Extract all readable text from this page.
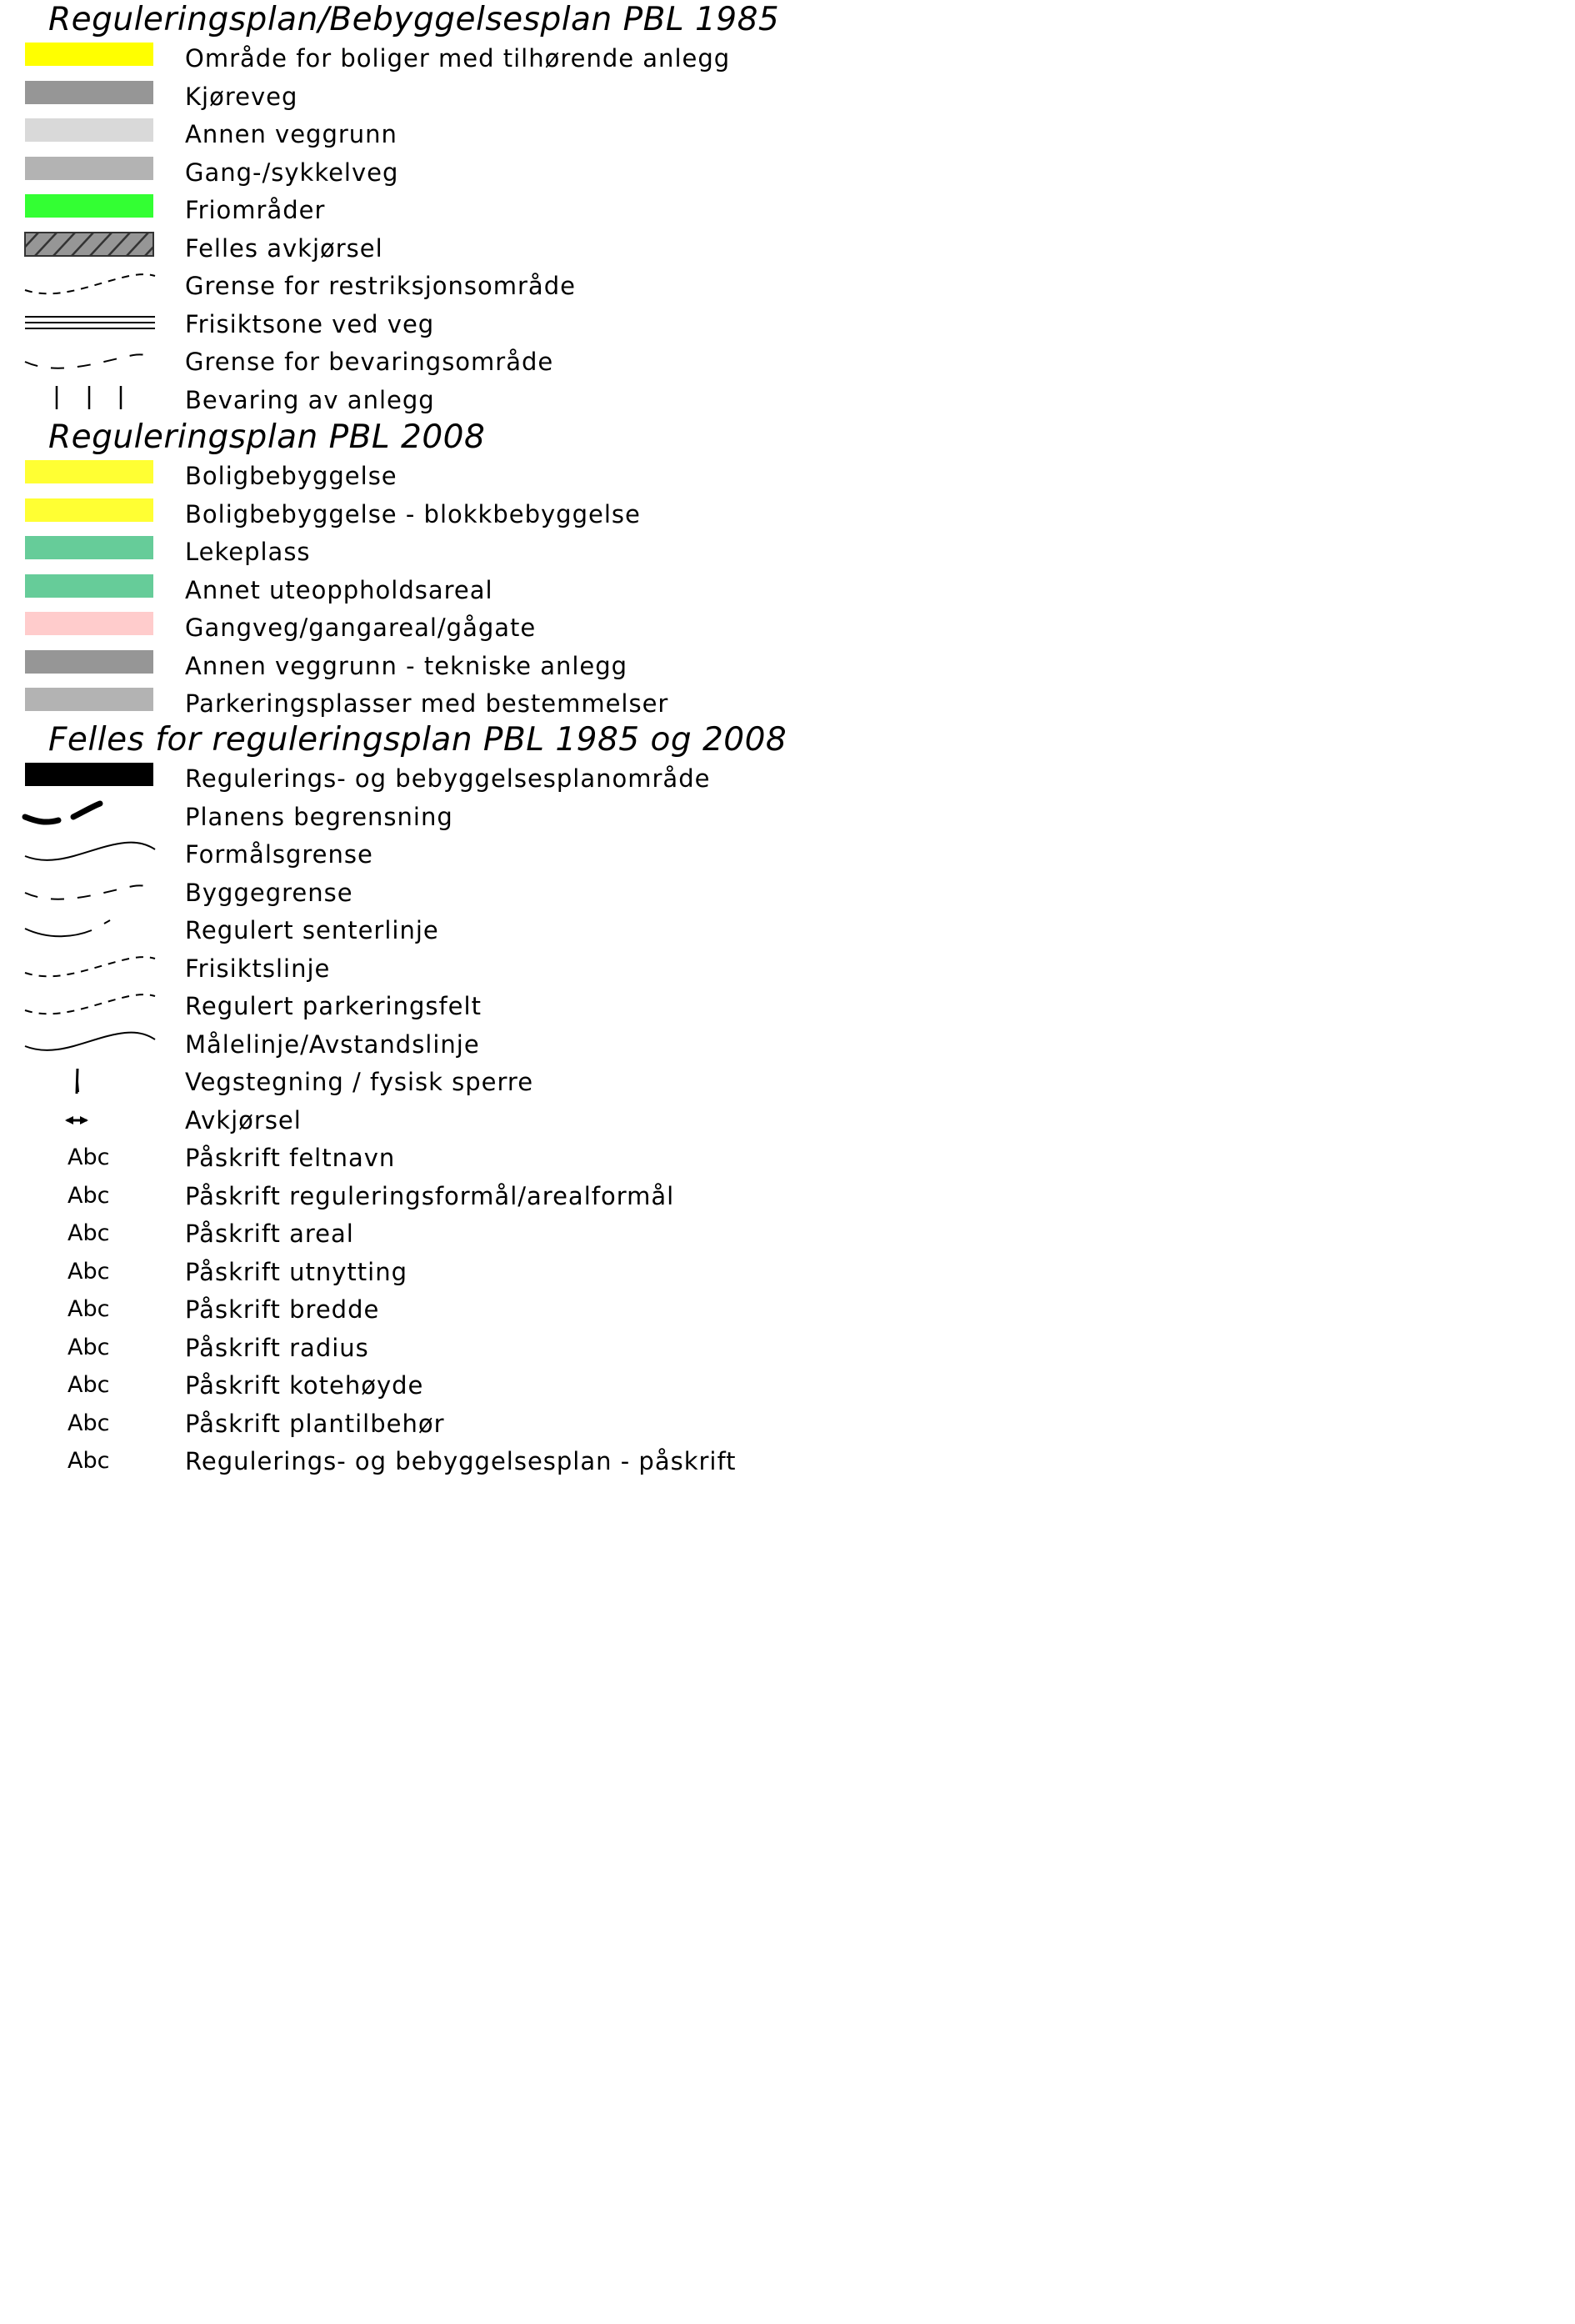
Reguleringsplan/Bebyggelsesplan PBL 1985
Område for boliger med tilhørende anlegg
Kjøreveg
Annen veggrunn
Gang-/sykkelveg
Friområder
Felles avkjørsel
Grense for restriksjonsområde
Frisiktsone ved veg
Grense for bevaringsområde
Bevaring av anlegg
Reguleringsplan PBL 2008
Boligbebyggelse
Boligbebyggelse - blokkbebyggelse
Lekeplass
Annet uteoppholdsareal
Gangveg/gangareal/gågate
Annen veggrunn - tekniske anlegg
Parkeringsplasser med bestemmelser
Felles for reguleringsplan PBL 1985 og 2008
Regulerings- og bebyggelsesplanområde
Planens begrensning
Formålsgrense
Byggegrense
Regulert senterlinje
Frisiktslinje
Regulert parkeringsfelt
Målelinje/Avstandslinje
Vegstegning / fysisk sperre
Avkjørsel
Abc	Påskrift feltnavn
Abc	Påskrift reguleringsformål/arealformål
Abc	Påskrift areal
Abc	Påskrift utnytting
Abc	Påskrift bredde
Abc	Påskrift radius
Abc	Påskrift kotehøyde
Abc	Påskrift plantilbehør
Abc	Regulerings- og bebyggelsesplan - påskrift
